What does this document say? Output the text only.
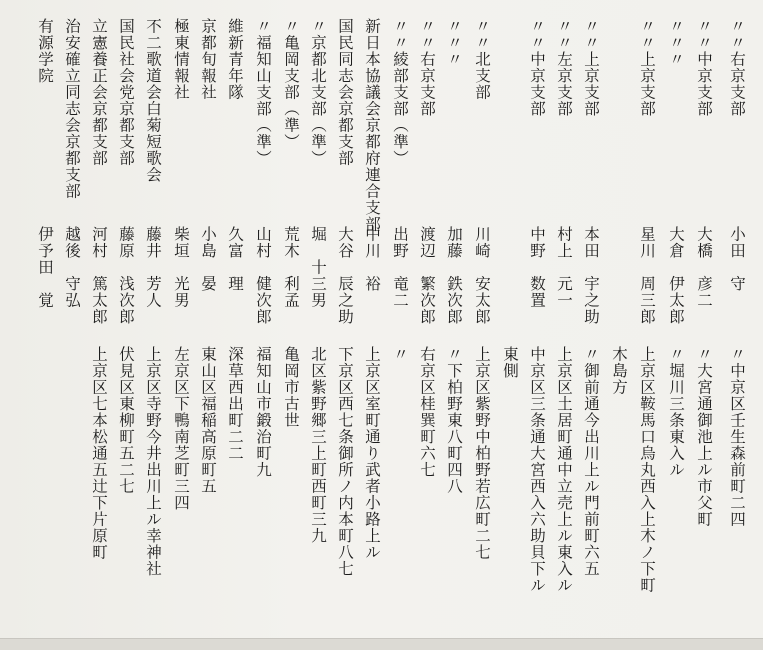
〃〃右京支部
小田　守
〃中京区壬生森前町二四
〃〃中京支部
大橋　彦二
〃大宮通御池上ル市父町
〃〃〃
大倉　伊太郎
〃堀川三条東入ル
〃〃上京支部
星川　周三郎
上京区鞍馬口烏丸西入上木ノ下町
木島方
〃〃上京支部
本田　宇之助
〃御前通今出川上ル門前町六五
〃〃左京支部
村上　元一
上京区土居町通中立売上ル東入ル
〃〃中京支部
中野　数置
中京区三条通大宮西入六助貝下ル
東側
〃〃北支部
川崎　安太郎
上京区紫野中柏野若広町二七
〃〃〃
加藤　鉄次郎
〃下柏野東八町四八
〃〃右京支部
渡辺　繁次郎
右京区桂巽町六七
〃〃綾部支部（準）
出野　竜二
〃
新日本協議会京都府連合支部
中川　裕
上京区室町通り武者小路上ル
国民同志会京都支部
大谷　辰之助
下京区西七条御所ノ内本町八七
〃京都北支部（準）
堀　十三男
北区紫野郷三上町西町三九
〃亀岡支部（準）
荒木　利孟
亀岡市古世
〃福知山支部（準）
山村　健次郎
福知山市鍛治町九
維新青年隊
久富　理
深草西出町二二
京都旬報社
小島　晏
東山区福稲高原町五
極東情報社
柴垣　光男
左京区下鴨南芝町三四
不二歌道会白菊短歌会
藤井　芳人
上京区寺野今井出川上ル幸神社
国民社会党京都支部
藤原　浅次郎
伏見区東柳町五二七
立憲養正会京都支部
河村　篤太郎
上京区七本松通五辻下片原町
治安確立同志会京都支部
越後　守弘
有源学院
伊予田　覚
